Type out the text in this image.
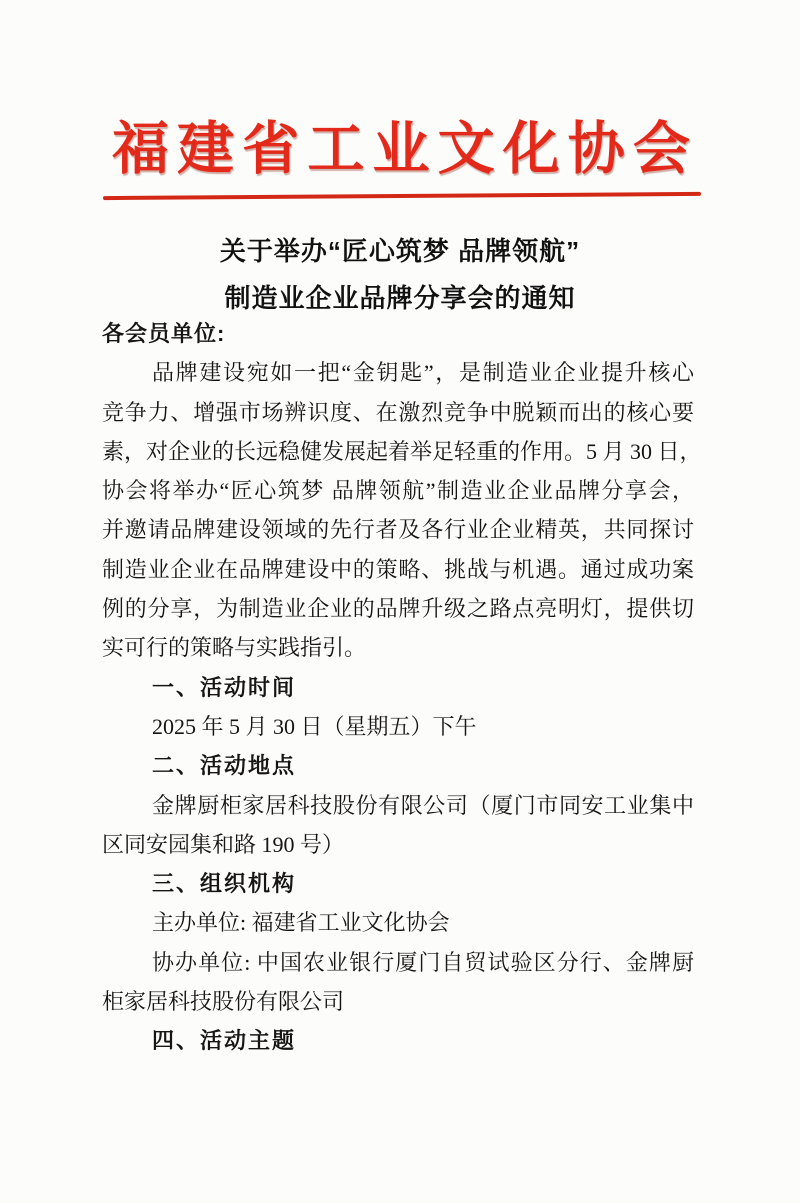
福建省工业文化协会
关于举办“匠心筑梦 品牌领航”
制造业企业品牌分享会的通知
各会员单位:
品牌建设宛如一把“金钥匙”，是制造业企业提升核心
竞争力、增强市场辨识度、在激烈竞争中脱颖而出的核心要
素，对企业的长远稳健发展起着举足轻重的作用。5 月 30 日，
协会将举办“匠心筑梦 品牌领航”制造业企业品牌分享会，
并邀请品牌建设领域的先行者及各行业企业精英，共同探讨
制造业企业在品牌建设中的策略、挑战与机遇。通过成功案
例的分享，为制造业企业的品牌升级之路点亮明灯，提供切
实可行的策略与实践指引。
一、活动时间
2025 年 5 月 30 日（星期五）下午
二、活动地点
金牌厨柜家居科技股份有限公司（厦门市同安工业集中
区同安园集和路 190 号）
三、组织机构
主办单位: 福建省工业文化协会
协办单位: 中国农业银行厦门自贸试验区分行、金牌厨
柜家居科技股份有限公司
四、活动主题
